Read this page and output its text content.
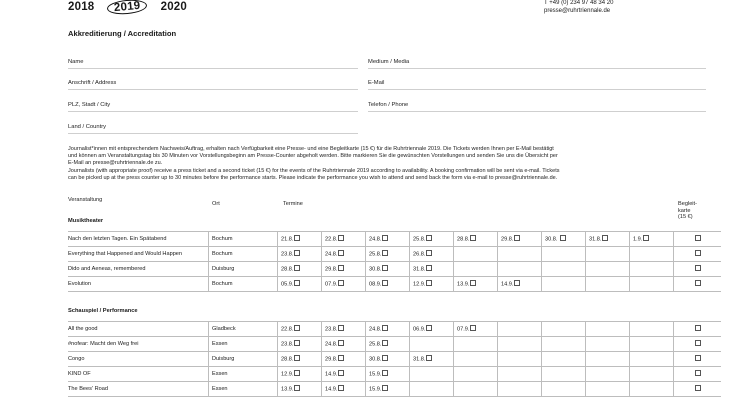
2018 2019 2020	T +49 (0) 234 97 48 34 20
presse@ruhrtriennale.de
Akkreditierung / Accreditation
Name	Medium / Media
Anschrift / Address	E-Mail
PLZ, Stadt / City	Telefon / Phone
Land / Country
Journalist*innen mit entsprechendem Nachweis/Auftrag, erhalten nach Verfügbarkeit eine Presse- und eine Begleitkarte (15 €) für die Ruhrtriennale 2019. Die Tickets werden Ihnen per E-Mail bestätigt
und können am Veranstaltungstag bis 30 Minuten vor Vorstellungsbeginn am Presse-Counter abgeholt werden. Bitte markieren Sie die gewünschten Vorstellungen und senden Sie uns die Übersicht per
E-Mail an presse@ruhrtriennale.de zu.
Journalists (with appropriate proof) receive a press ticket and a second ticket (15 €) for the events of the Ruhrtriennale 2019 according to availability. A booking confirmation will be sent via e-mail. Tickets
can be picked up at the press counter up to 30 minutes before the performance starts. Please indicate the performance you wish to attend and send back the form via e-mail to presse@ruhrtriennale.de.
Veranstaltung
Ort	Termine	Begleit-
karte
(15 €)
Musiktheater
Nach den letzten Tagen. Ein Spätabend	Bochum	21.8.	22.8.	24.8.	25.8.	28.8.	29.8.	30.8.	31.8.	1.9.	
Everything that Happened and Would Happen	Bochum	23.8.	24.8.	25.8.	26.8.						
Dido and Aeneas, remembered	Duisburg	28.8.	29.8.	30.8.	31.8.						
Evolution	Bochum	05.9.	07.9.	08.9.	12.9.	13.9.	14.9.				
Schauspiel / Performance
All the good	Gladbeck	22.8.	23.8.	24.8.	06.9.	07.9.					
#nofear: Macht den Weg frei	Essen	23.8.	24.8.	25.8.							
Congo	Duisburg	28.8.	29.8.	30.8.	31.8.						
KIND OF	Essen	12.9.	14.9.	15.9.							
The Bees' Road	Essen	13.9.	14.9.	15.9.							
